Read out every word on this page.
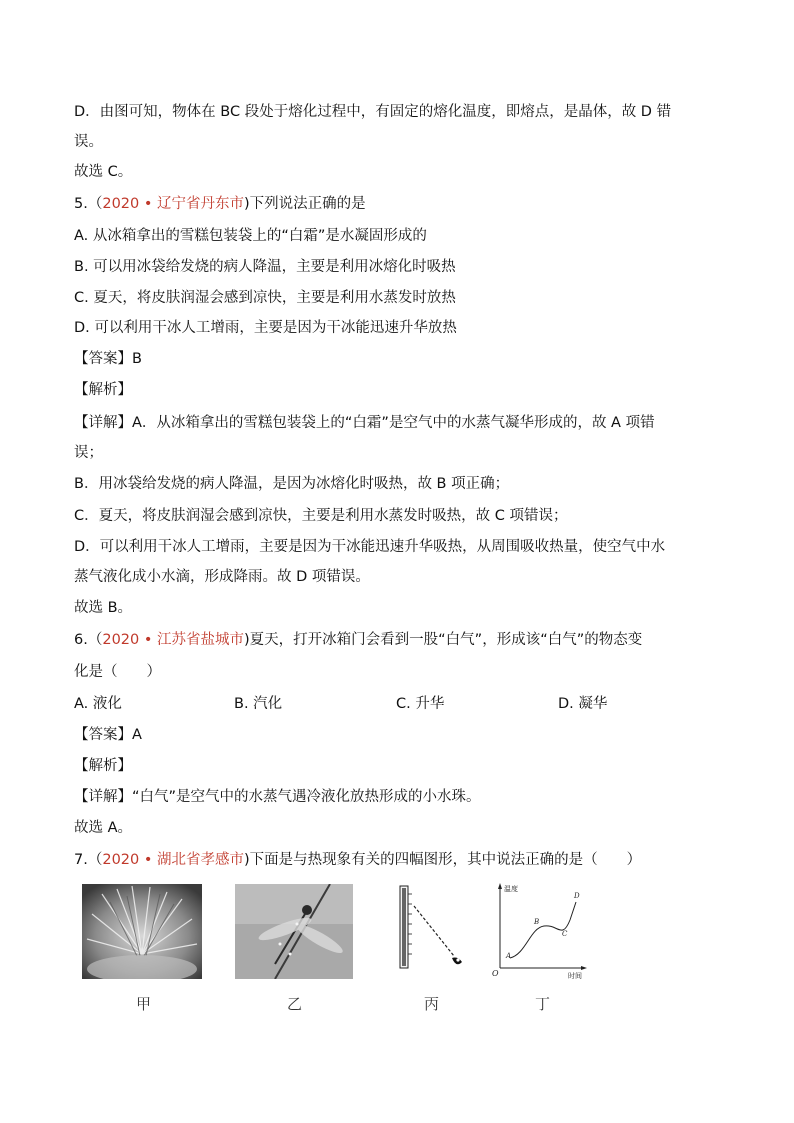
D．由图可知，物体在 BC 段处于熔化过程中，有固定的熔化温度，即熔点，是晶体，故 D 错
误。
故选 C。
5.（2020 • 辽宁省丹东市)下列说法正确的是
A. 从冰箱拿出的雪糕包装袋上的“白霜”是水凝固形成的
B. 可以用冰袋给发烧的病人降温，主要是利用冰熔化时吸热
C. 夏天，将皮肤润湿会感到凉快，主要是利用水蒸发时放热
D. 可以利用干冰人工增雨，主要是因为干冰能迅速升华放热
【答案】B
【解析】
【详解】A．从冰箱拿出的雪糕包装袋上的“白霜”是空气中的水蒸气凝华形成的，故 A 项错
误；
B．用冰袋给发烧的病人降温，是因为冰熔化时吸热，故 B 项正确；
C．夏天，将皮肤润湿会感到凉快，主要是利用水蒸发时吸热，故 C 项错误；
D．可以利用干冰人工增雨，主要是因为干冰能迅速升华吸热，从周围吸收热量，使空气中水
蒸气液化成小水滴，形成降雨。故 D 项错误。
故选 B。
6.（2020 • 江苏省盐城市)夏天，打开冰箱门会看到一股“白气”，形成该“白气”的物态变
化是（　　）
A. 液化	B. 汽化	C. 升华	D. 凝华
【答案】A
【解析】
【详解】“白气”是空气中的水蒸气遇冷液化放热形成的小水珠。
故选 A。
7.（2020 • 湖北省孝感市)下面是与热现象有关的四幅图形，其中说法正确的是（　　）
温度
时间
O
A
B
C
D
甲	乙	丙	丁
